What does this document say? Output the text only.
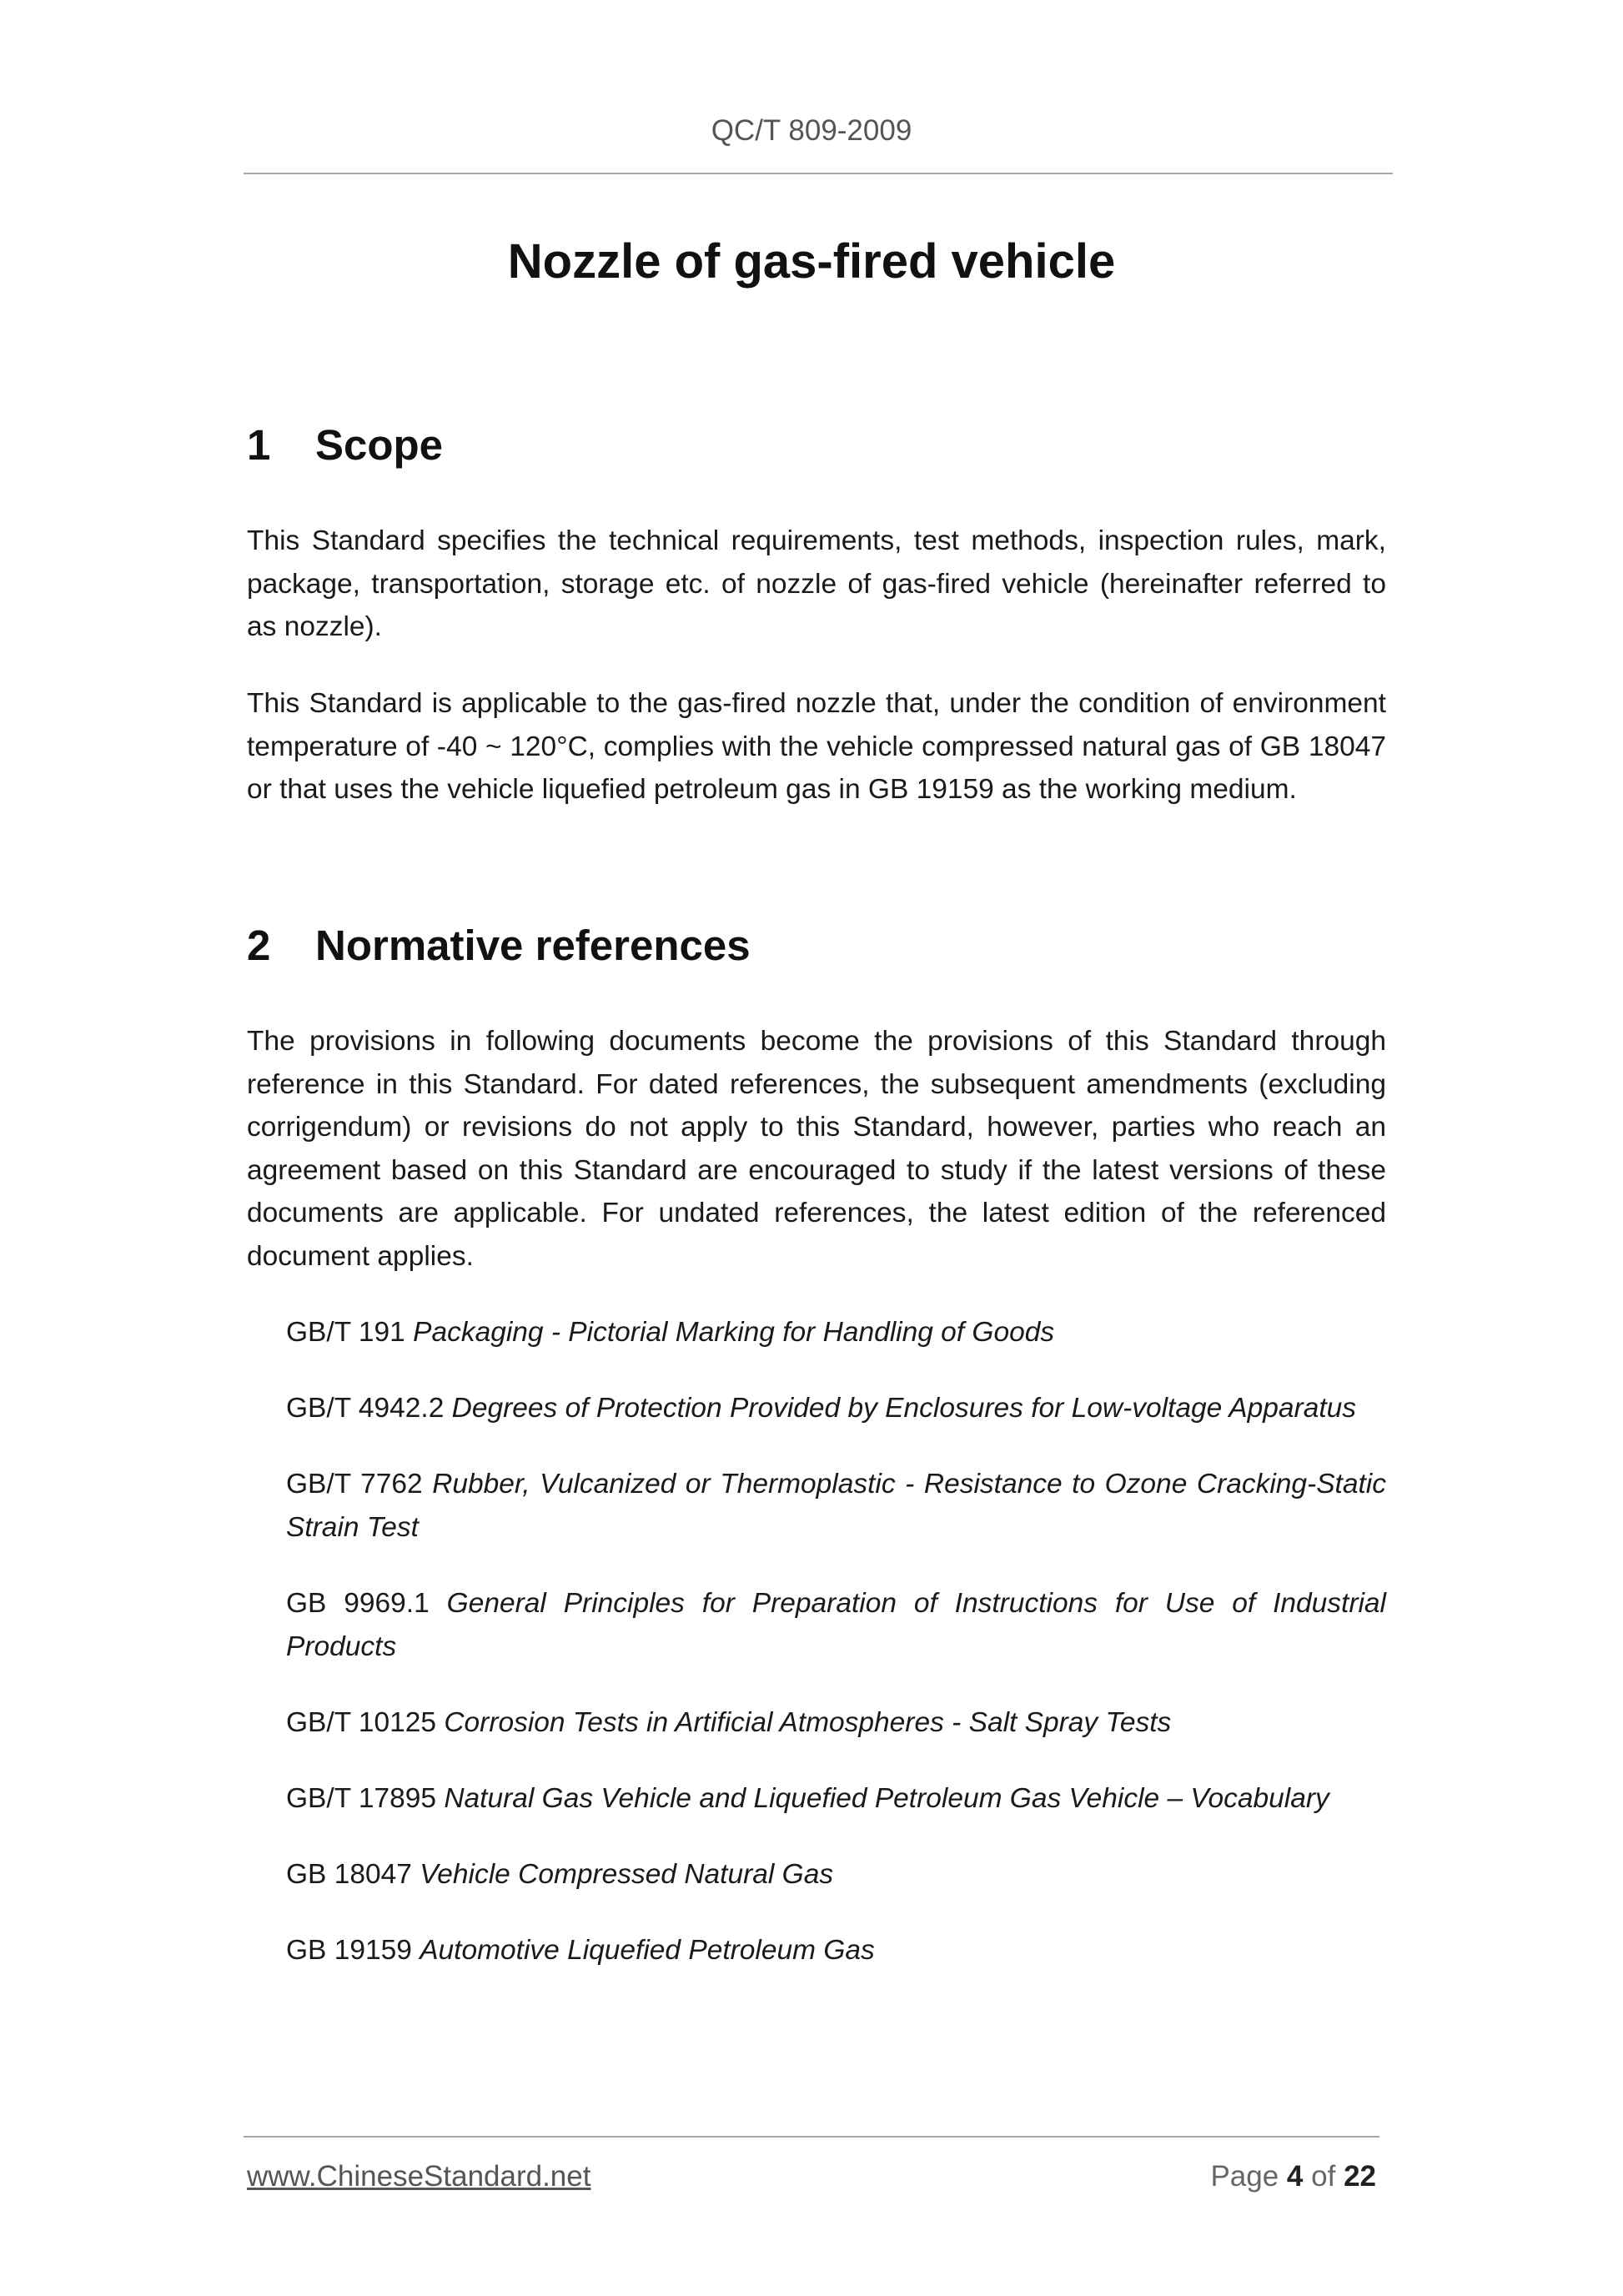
QC/T 809-2009
Nozzle of gas-fired vehicle
1 Scope
This Standard specifies the technical requirements, test methods, inspection rules, mark, package, transportation, storage etc. of nozzle of gas-fired vehicle (hereinafter referred to as nozzle).
This Standard is applicable to the gas-fired nozzle that, under the condition of environment temperature of -40 ~ 120°C, complies with the vehicle compressed natural gas of GB 18047 or that uses the vehicle liquefied petroleum gas in GB 19159 as the working medium.
2 Normative references
The provisions in following documents become the provisions of this Standard through reference in this Standard. For dated references, the subsequent amendments (excluding corrigendum) or revisions do not apply to this Standard, however, parties who reach an agreement based on this Standard are encouraged to study if the latest versions of these documents are applicable. For undated references, the latest edition of the referenced document applies.
GB/T 191 Packaging - Pictorial Marking for Handling of Goods
GB/T 4942.2 Degrees of Protection Provided by Enclosures for Low-voltage Apparatus
GB/T 7762 Rubber, Vulcanized or Thermoplastic - Resistance to Ozone Cracking-Static Strain Test
GB 9969.1 General Principles for Preparation of Instructions for Use of Industrial Products
GB/T 10125 Corrosion Tests in Artificial Atmospheres - Salt Spray Tests
GB/T 17895 Natural Gas Vehicle and Liquefied Petroleum Gas Vehicle – Vocabulary
GB 18047 Vehicle Compressed Natural Gas
GB 19159 Automotive Liquefied Petroleum Gas
www.ChineseStandard.net	Page 4 of 22
